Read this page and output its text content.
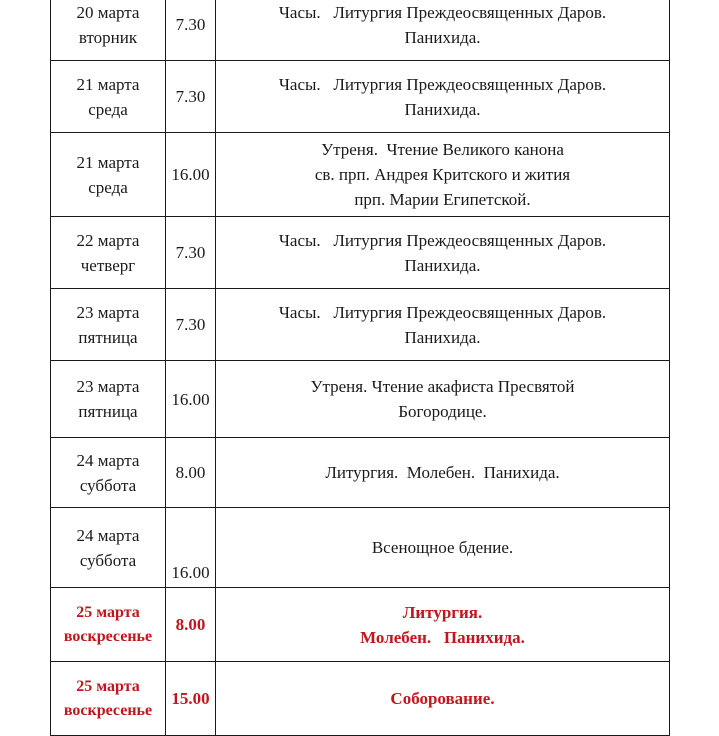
20 марта
вторник	7.30	Часы.   Литургия Преждеосвященных Даров.
Панихида.

21 марта
среда	7.30	Часы.   Литургия Преждеосвященных Даров.
Панихида.

21 марта
среда	16.00	Утреня.  Чтение Великого канона
св. прп. Андрея Критского и жития
прп. Марии Египетской.

22 марта
четверг	7.30	Часы.   Литургия Преждеосвященных Даров.
Панихида.

23 марта
пятница	7.30	Часы.   Литургия Преждеосвященных Даров.
Панихида.

23 марта
пятница	16.00	Утреня. Чтение акафиста Пресвятой
Богородице.

24 марта
суббота	8.00	Литургия.  Молебен.  Панихида.

24 марта
суббота	16.00	Всенощное бдение.

25 марта
воскресенье	8.00	Литургия.
Молебен.   Панихида.

25 марта
воскресенье	15.00	Соборование.
